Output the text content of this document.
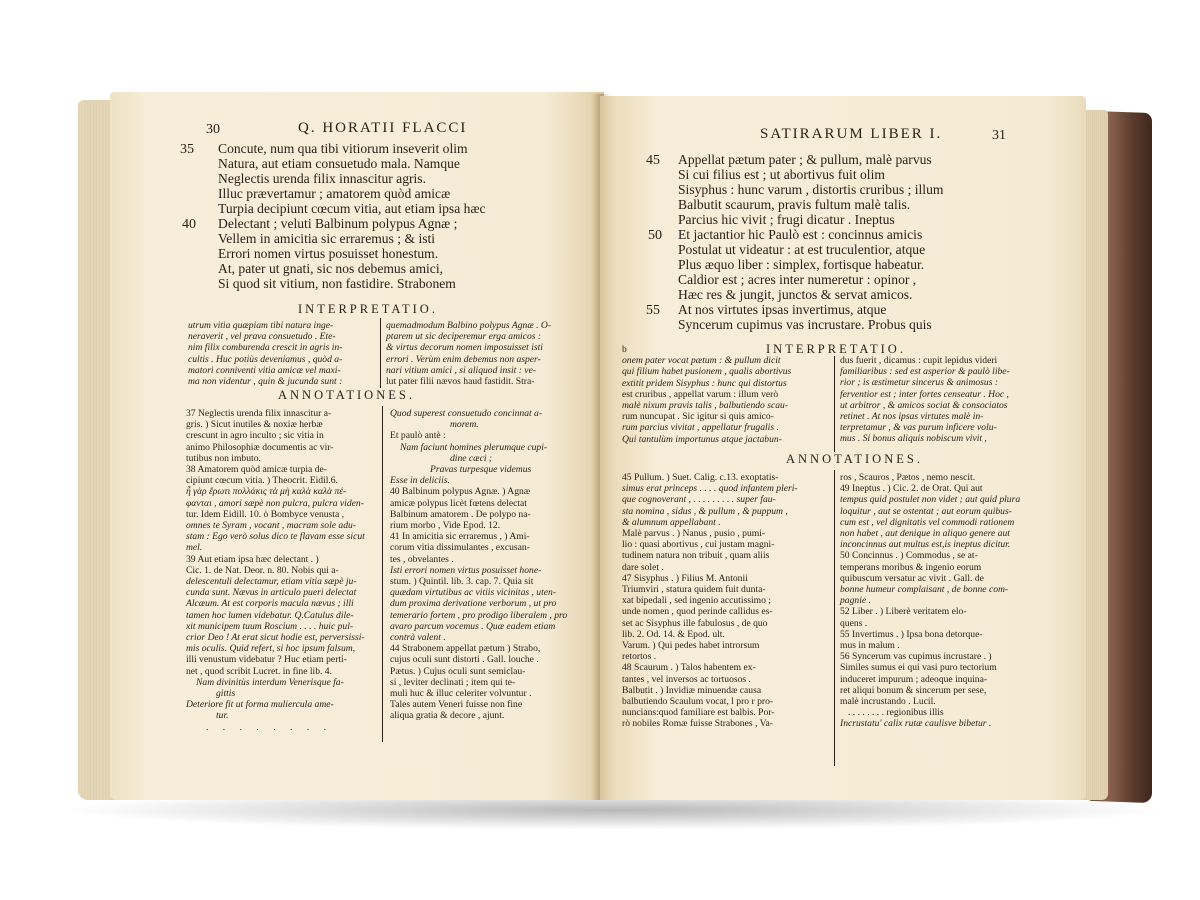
30	Q. HORATII FLACCI
35 Concute, num qua tibi vitiorum inseverit olim
Natura, aut etiam consuetudo mala. Namque
Neglectis urenda filix innascitur agris.
Illuc prævertamur ; amatorem quòd amicæ
Turpia decipiunt cœcum vitia, aut etiam ipsa hæc
40 Delectant ; veluti Balbinum polypus Agnæ ;
Vellem in amicitia sic erraremus ; & isti
Errori nomen virtus posuisset honestum.
At, pater ut gnati, sic nos debemus amici,
Si quod sit vitium, non fastidire. Strabonem
INTERPRETATIO.
utrum vitia quæpiam tibi natura inge-
neraverit , vel prava consuetudo . Ete-
nim filix comburenda crescit in agris in-
cultis . Huc potiùs deveniamus , quòd a-
matori conniventi vitia amicæ vel maxi-
ma non videntur , quin & jucunda sunt :
quemadmodum Balbino polypus Agnæ . O-
ptarem ut sic deciperemur erga amicos :
& virtus decorum nomen imposuisset isti
errori . Verùm enim debemus non asper-
nari vitium amici , si aliquod insit : ve-
lut pater filii nævos haud fastidit. Stra-
ANNOTATIONES.
37 Neglectis urenda filix innascitur a-
gris. ) Sicut inutiles & noxiæ herbæ
crescunt in agro inculto ; sic vitia in
animo Philosophiæ documentis ac vir-
tutibus non imbuto.
38 Amatorem quòd amicæ turpia de-
cipiunt cœcum vitia. ) Theocrit. Eidil.6.
ἦ γὰρ ἔρωτι πολλάκις τὰ μὴ καλὰ καλὰ πέ-
φανται , amori sæpè non pulcra, pulcra viden-
tur. Idem Eidill. 10. ὁ Bombyce venusta ,
omnes te Syram , vocant , macram sole adu-
stam : Ego verò solus dico te flavam esse sicut
mel.
39 Aut etiam ipsa hæc delectant . )
Cic. 1. de Nat. Deor. n. 80. Nobis qui a-
delescentuli delectamur, etiam vitia sæpè ju-
cunda sunt. Nævus in articulo pueri delectat
Alcæum. At est corporis macula nævus ; illi
tamen hoc lumen videbatur. Q.Catulus dile-
xit municipem tuum Roscium . . . . huic pul-
crior Deo ! At erat sicut hodie est, perversissi-
mis oculis. Quid refert, si hoc ipsum falsum,
illi venustum videbatur ? Huc etiam perti-
net , quod scribit Lucret. in fine lib. 4.
Nam divinitùs interdum Venerisque fa-
gittis
Deteriore fit ut forma muliercula ame-
tur.
. . . . . . . .
Quod superest consuetudo concinnat a-
morem.
Et paulò antè :
Nam faciunt homines plerumque cupi-
dine cæci ;
Pravas turpesque videmus
Esse in deliciis.
40 Balbinum polypus Agnæ. ) Agnæ
amicæ polypus licèt fœtens delectat
Balbinum amatorem . De polypo na-
rium morbo , Vide Epod. 12.
41 In amicitia sic erraremus , ) Ami-
corum vitia dissimulantes , excusan-
tes , obvelantes .
Isti errori nomen virtus posuisset hone-
stum. ) Quintil. lib. 3. cap. 7. Quia sit
quædam virtutibus ac vitiis vicinitas , uten-
dum proxima derivatione verborum , ut pro
temerario fortem , pro prodigo liberalem , pro
avaro parcum vocemus . Quæ eadem etiam
contrà valent .
44 Strabonem appellat pætum ) Strabo,
cujus oculi sunt distorti . Gall. louche .
Pætus. ) Cujus oculi sunt semiclau-
si , leviter declinati ; item qui te-
muli huc & illuc celeriter volvuntur .
Tales autem Veneri fuisse non fine
aliqua gratia & decore , ajunt.
SATIRARUM LIBER I.	31
45 Appellat pætum pater ; & pullum, malè parvus
Si cui filius est ; ut abortivus fuit olim
Sisyphus : hunc varum , distortis cruribus ; illum
Balbutit scaurum, pravis fultum malè talis.
Parcius hic vivit ; frugi dicatur . Ineptus
50 Et jactantior hic Paulò est : concinnus amicis
Postulat ut videatur : at est truculentior, atque
Plus æquo liber : simplex, fortisque habeatur.
Caldior est ; acres inter numeretur : opinor ,
Hæc res & jungit, junctos & servat amicos.
55 At nos virtutes ipsas invertimus, atque
Syncerum cupimus vas incrustare. Probus quis
INTERPRETATIO.
b
onem pater vocat pætum : & pullum dicit
qui filium habet pusionem , qualis abortivus
extitit pridem Sisyphus : hunc qui distortus
est cruribus , appellat varum : illum verò
malè nixum pravis talis , balbutiendo scau-
rum nuncupat . Sic igitur si quis amico-
rum parcius vivitat , appellatur frugalis .
Qui tantulùm importunus atque jactabun-
dus fuerit , dicamus : cupit lepidus videri
familiaribus : sed est asperior & paulò libe-
rior ; is æstimetur sincerus & animosus :
ferventior est ; inter fortes censeatur . Hoc ,
ut arbitror , & amicos sociat & consociatos
retinet . At nos ipsas virtutes malè in-
terpretamur , & vas purum inficere volu-
mus . Si bonus aliquis nobiscum vivit ,
ANNOTATIONES.
45 Pullum. ) Suet. Calig. c.13. exoptatis-
simus erat princeps . . . . quod infantem pleri-
que cognoverant , . . . . . . . . . super fau-
sta nomina , sidus , & pullum , & puppum ,
& alumnum appellabant .
Malè parvus . ) Nanus , pusio , pumi-
lio : quasi abortivus , cui justam magni-
tudinem natura non tribuit , quam aliis
dare solet .
47 Sisyphus . ) Filius M. Antonii
Triumviri , statura quidem fuit dunta-
xat bipedali , sed ingenio accutissimo ;
unde nomen , quod perinde callidus es-
set ac Sisyphus ille fabulosus , de quo
lib. 2. Od. 14. & Epod. ult.
Varum. ) Qui pedes habet introrsum
retortos .
48 Scaurum . ) Talos habentem ex-
tantes , vel inversos ac tortuosos .
Balbutit . ) Invidiæ minuendæ causa
balbutiendo Scaulum vocat, l pro r pro-
nuncians:quod familiare est balbis. Por-
rò nobiles Romæ fuisse Strabones , Va-
ros , Scauros , Pætos , nemo nescit.
49 Ineptus . ) Cic. 2. de Orat. Qui aut
tempus quid postulet non videt ; aut quid plura
loquitur , aut se ostentat ; aut eorum quibus-
cum est , vel dignitatis vel commodi rationem
non habet , aut denique in aliquo genere aut
inconcinnus aut multus est,is ineptus dicitur.
50 Concinnus . ) Commodus , se at-
temperans moribus & ingenio eorum
quibuscum versatur ac vivit . Gall. de
bonne humeur complaisant , de bonne com-
pagnie .
52 Liber . ) Liberè veritatem elo-
quens .
55 Invertimus . ) Ipsa bona detorque-
mus in malum .
56 Syncerum vas cupimus incrustare . )
Similes sumus ei qui vasi puro tectorium
induceret impurum ; adeoque inquina-
ret aliqui bonum & sincerum per sese,
malè incrustando . Lucil.
. . . . . . . . regionibus illis
Incrustatu' calix rutæ caulisve bibetur .
